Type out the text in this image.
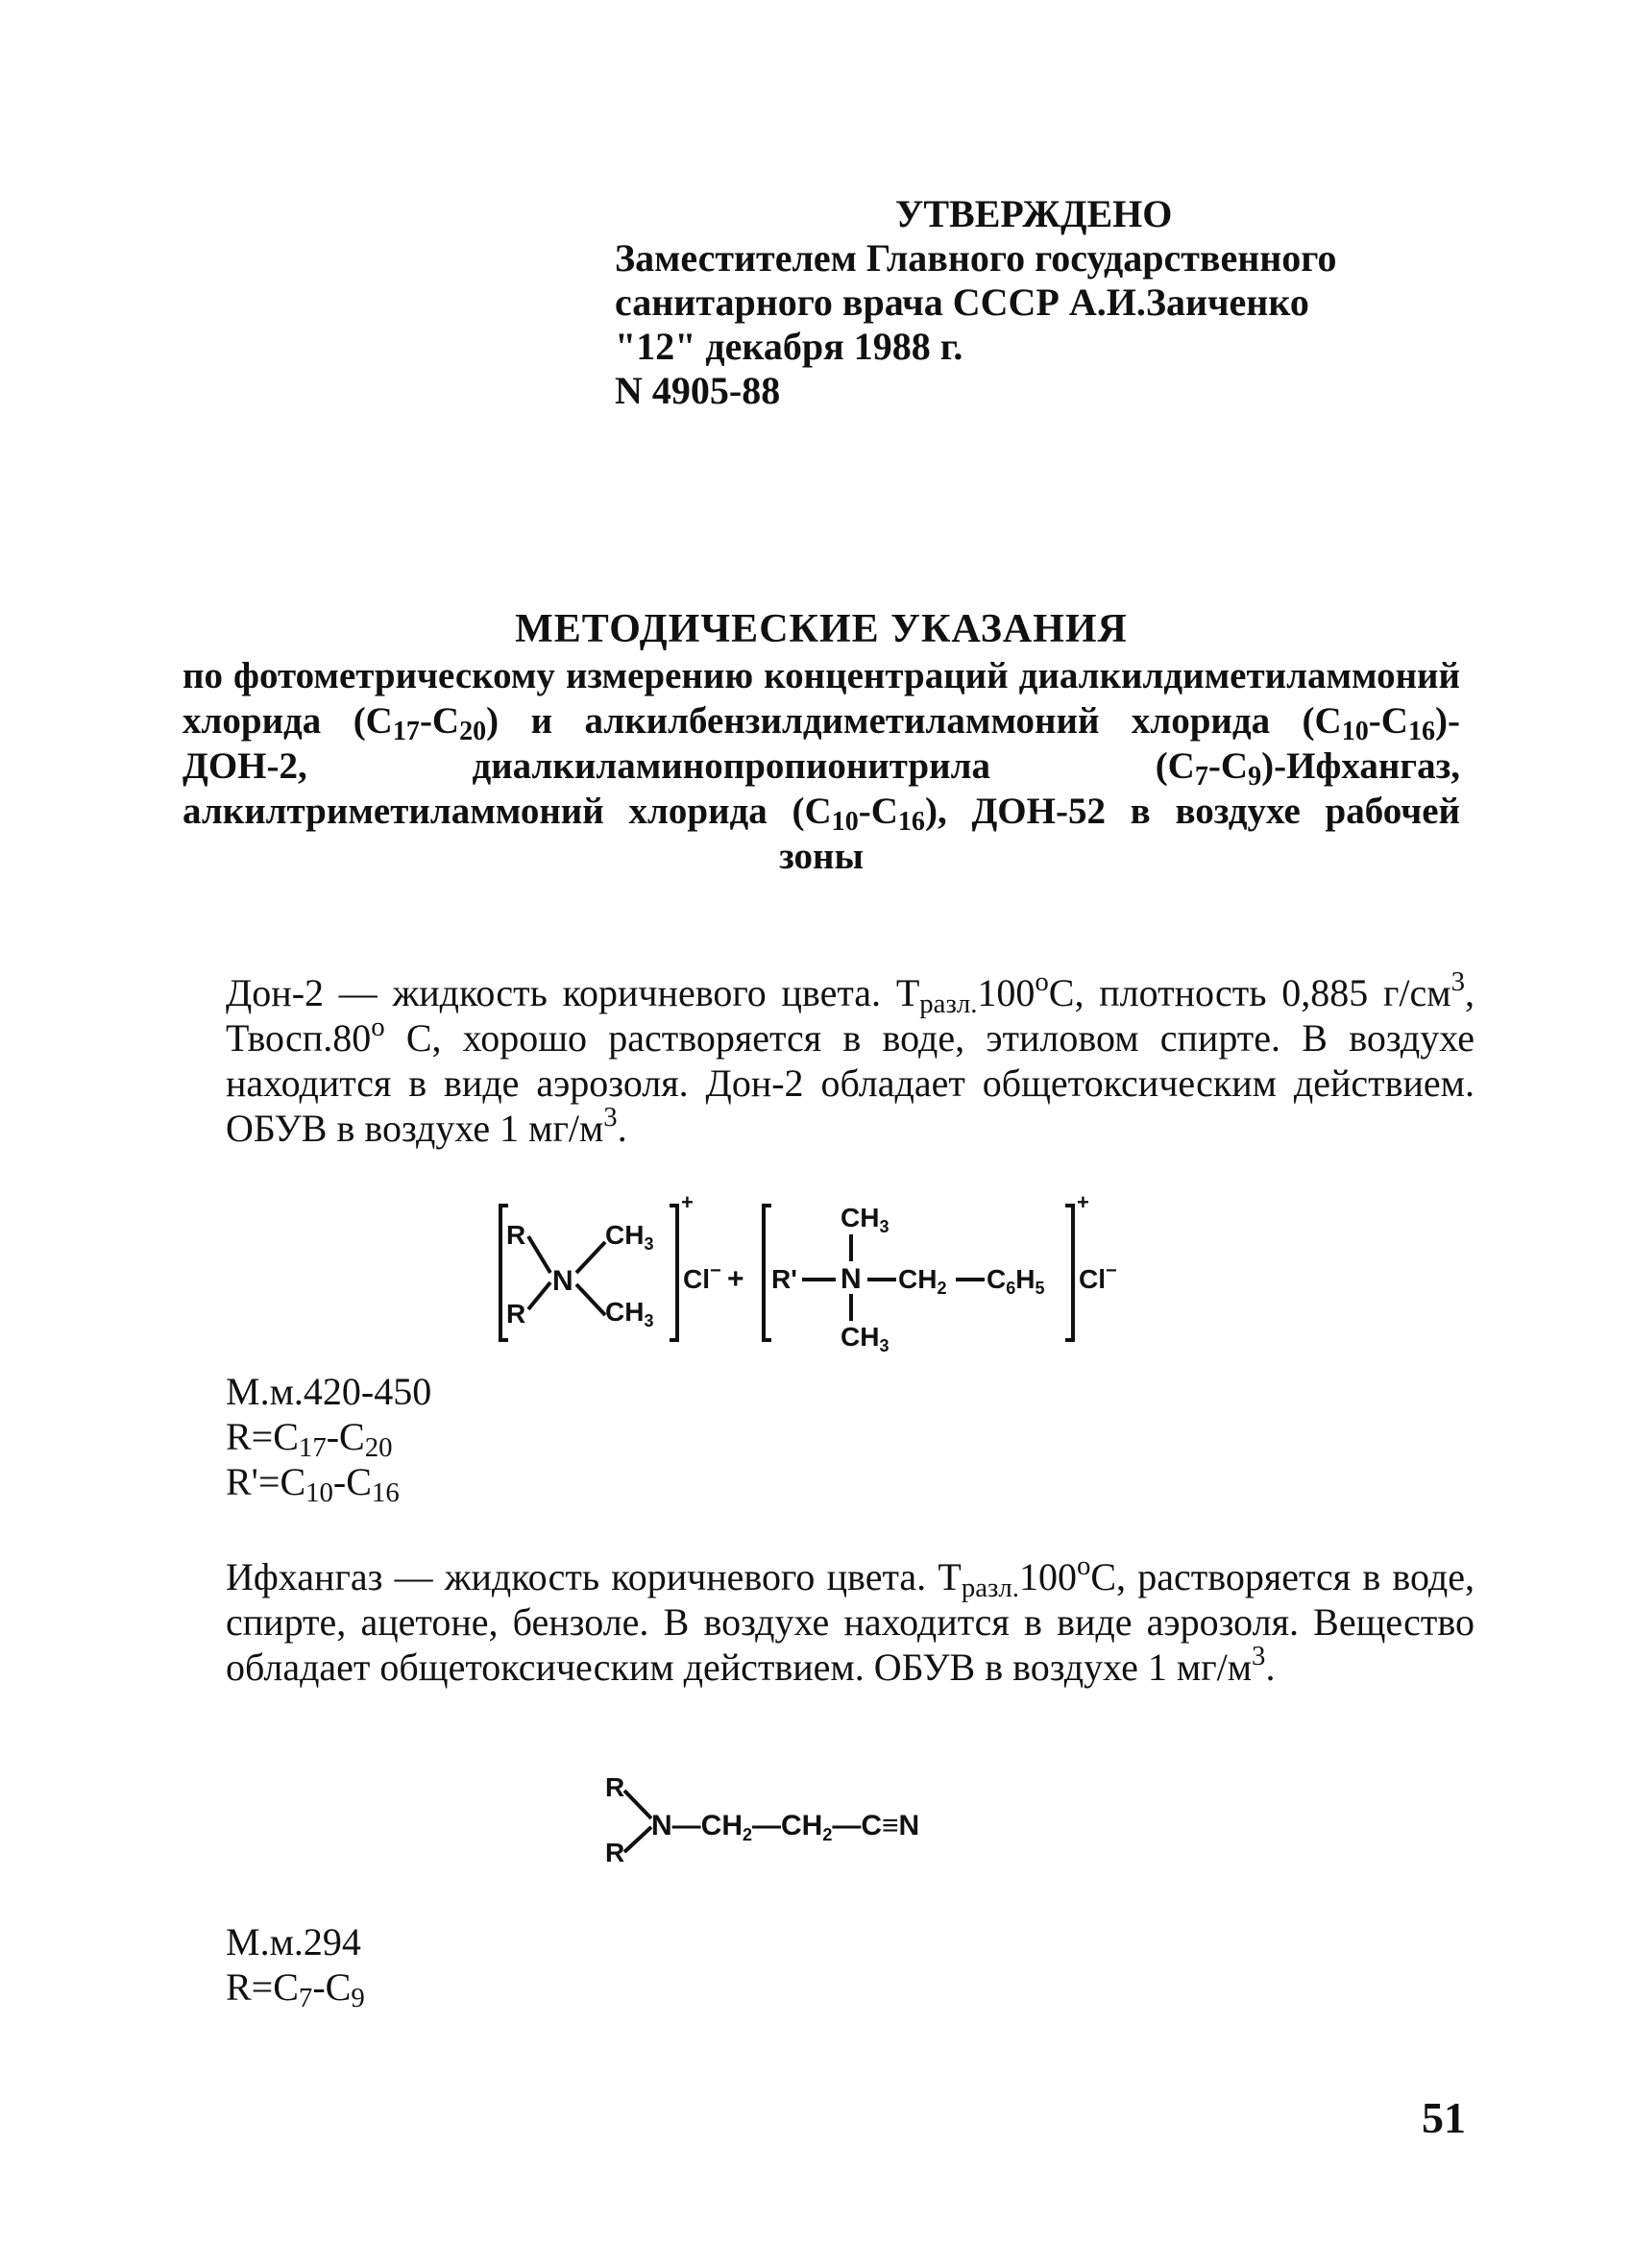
УТВЕРЖДЕНО
Заместителем Главного государственного
санитарного врача СССР А.И.Заиченко
"12" декабря 1988 г.
N 4905-88
МЕТОДИЧЕСКИЕ УКАЗАНИЯ
по фотометрическому измерению концентраций диалкилдиметиламмоний хлорида $(C_{17}-C_{20})$ и алкилбензилдиметиламмоний хлорида $(C_{10}-C_{16})-ДОН-2$, диалкиламинопропионитрила $(C_7-C_9)$-Ифхангаз, алкилтриметиламмоний хлорида $(C_{10}-C_{16})$, ДОН-52 в воздухе рабочей зоны
Дон-2 — жидкость коричневого цвета. $Т_{разл.}100^oС$, плотность 0,885 $г/см^3$, Твосп.80$^o$ С, хорошо растворяется в воде, этиловом спирте. В воздухе находится в виде аэрозоля. Дон-2 обладает общетоксическим действием. ОБУВ в воздухе 1 $мг/м^3$.
R
R
N
$CH_3$
$CH_3$
+
Cl− + R' N
$CH_3$
$CH_3$
$CH_2$ $C_6H_5$
+
Cl−
М.м.420-450
$R=C_{17}-C_{20}$
$R'=C_{10}-C_{16}$
Ифхангаз — жидкость коричневого цвета. $Т_{разл.}100^oС$, растворяется в воде, спирте, ацетоне, бензоле. В воздухе находится в виде аэрозоля. Вещество обладает общетоксическим действием. ОБУВ в воздухе 1 $мг/м^3$.
R
R
$N—CH_2—CH_2—C\equiv N$
М.м.294
$R=C_7-C_9$
51
